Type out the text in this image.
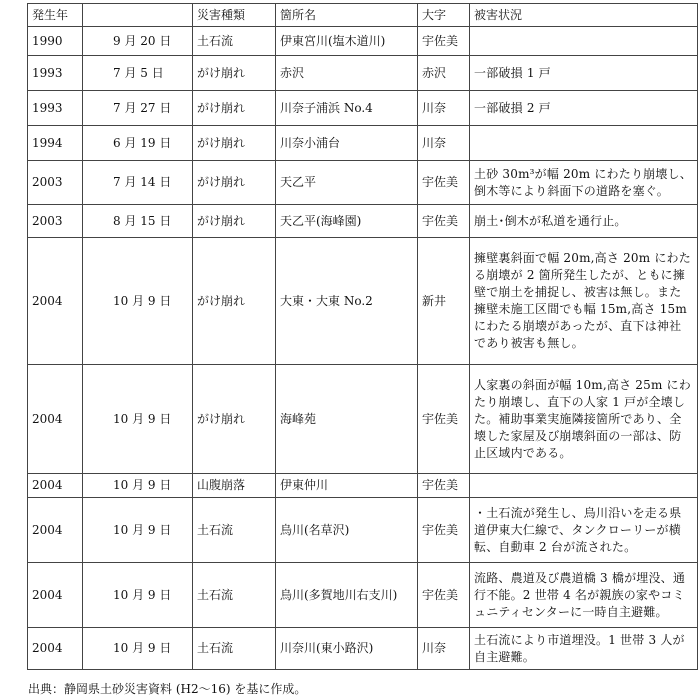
発生年		災害種類	箇所名	大字	被害状況
1990	9 月 20 日	土石流	伊東宮川(塩木道川)	宇佐美	
1993	7 月 5 日	がけ崩れ	赤沢	赤沢	一部破損 1 戸
1993	7 月 27 日	がけ崩れ	川奈子浦浜 No.4	川奈	一部破損 2 戸
1994	6 月 19 日	がけ崩れ	川奈小浦台	川奈	
2003	7 月 14 日	がけ崩れ	天乙平	宇佐美	土砂 30m³が幅 20m にわたり崩壊し、倒木等により斜面下の道路を塞ぐ。
2003	8 月 15 日	がけ崩れ	天乙平(海峰園)	宇佐美	崩土･倒木が私道を通行止。
2004	10 月 9 日	がけ崩れ	大東・大東 No.2	新井	擁壁裏斜面で幅 20m,高さ 20m にわたる崩壊が 2 箇所発生したが、ともに擁壁で崩土を捕捉し、被害は無し。また擁壁未施工区間でも幅 15m,高さ 15m にわたる崩壊があったが、直下は神社であり被害も無し。
2004	10 月 9 日	がけ崩れ	海峰苑	宇佐美	人家裏の斜面が幅 10m,高さ 25m にわたり崩壊し、直下の人家 1 戸が全壊した。補助事業実施隣接箇所であり、全壊した家屋及び崩壊斜面の一部は、防止区域内である。
2004	10 月 9 日	山腹崩落	伊東仲川	宇佐美	
2004	10 月 9 日	土石流	烏川(名草沢)	宇佐美	・土石流が発生し、烏川沿いを走る県道伊東大仁線で、タンクローリーが横転、自動車 2 台が流された。
2004	10 月 9 日	土石流	烏川(多賀地川右支川)	宇佐美	流路、農道及び農道橋 3 橋が埋没、通行不能。2 世帯 4 名が親族の家やコミュニティセンターに一時自主避難。
2004	10 月 9 日	土石流	川奈川(東小路沢)	川奈	土石流により市道埋没。1 世帯 3 人が自主避難。
出典：静岡県土砂災害資料 (H2～16) を基に作成。
